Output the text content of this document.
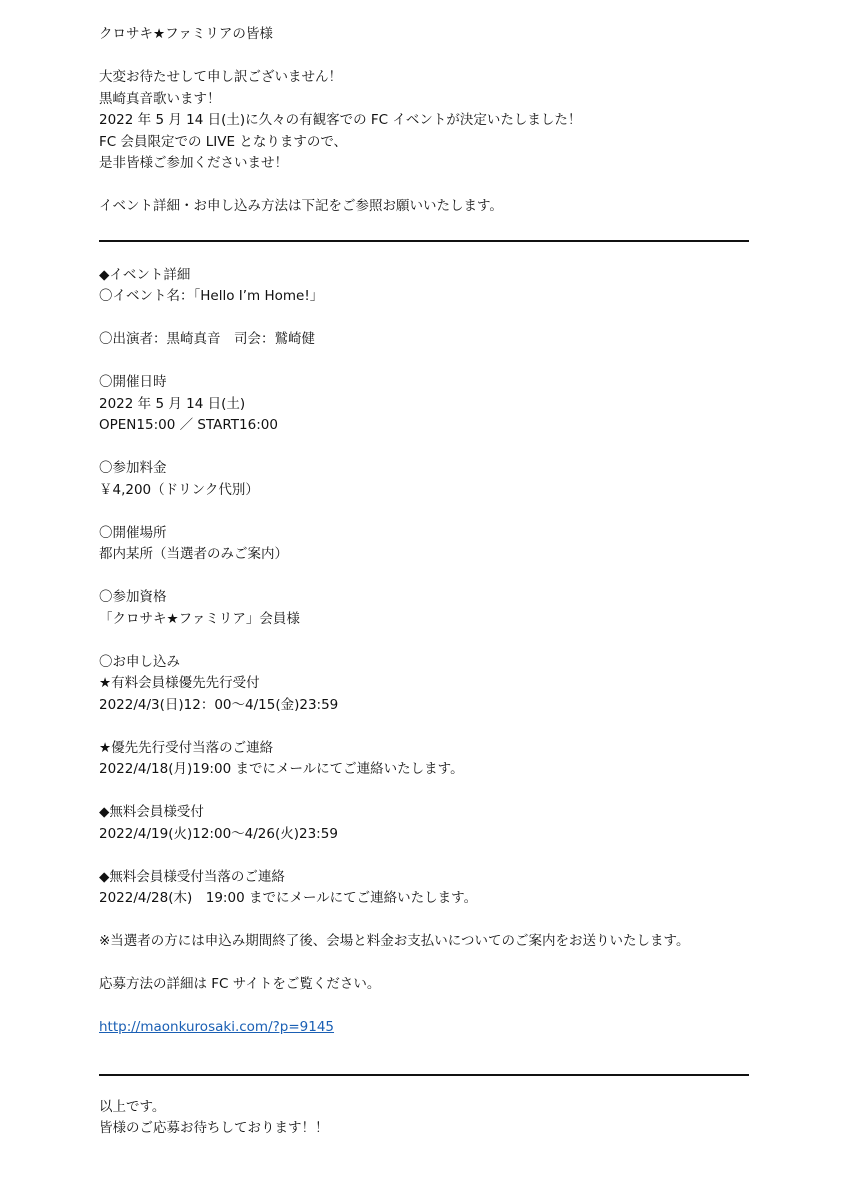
クロサキ★ファミリアの皆様
大変お待たせして申し訳ございません！
黒崎真音歌います！
2022 年 5 月 14 日(土)に久々の有観客での FC イベントが決定いたしました！
FC 会員限定での LIVE となりますので、
是非皆様ご参加くださいませ！
イベント詳細・お申し込み方法は下記をご参照お願いいたします。
◆イベント詳細
〇イベント名：「Hello I’m Home!」
〇出演者：黒崎真音　司会：鷲崎健
〇開催日時
2022 年 5 月 14 日(土)
OPEN15:00 ／ START16:00
〇参加料金
￥4,200（ドリンク代別）
〇開催場所
都内某所（当選者のみご案内）
〇参加資格
「クロサキ★ファミリア」会員様
〇お申し込み
★有料会員様優先先行受付
2022/4/3(日)12：00～4/15(金)23:59
★優先先行受付当落のご連絡
2022/4/18(月)19:00 までにメールにてご連絡いたします。
◆無料会員様受付
2022/4/19(火)12:00～4/26(火)23:59
◆無料会員様受付当落のご連絡
2022/4/28(木)　19:00 までにメールにてご連絡いたします。
※当選者の方には申込み期間終了後、会場と料金お支払いについてのご案内をお送りいたします。
応募方法の詳細は FC サイトをご覧ください。
http://maonkurosaki.com/?p=9145
以上です。
皆様のご応募お待ちしております！！
